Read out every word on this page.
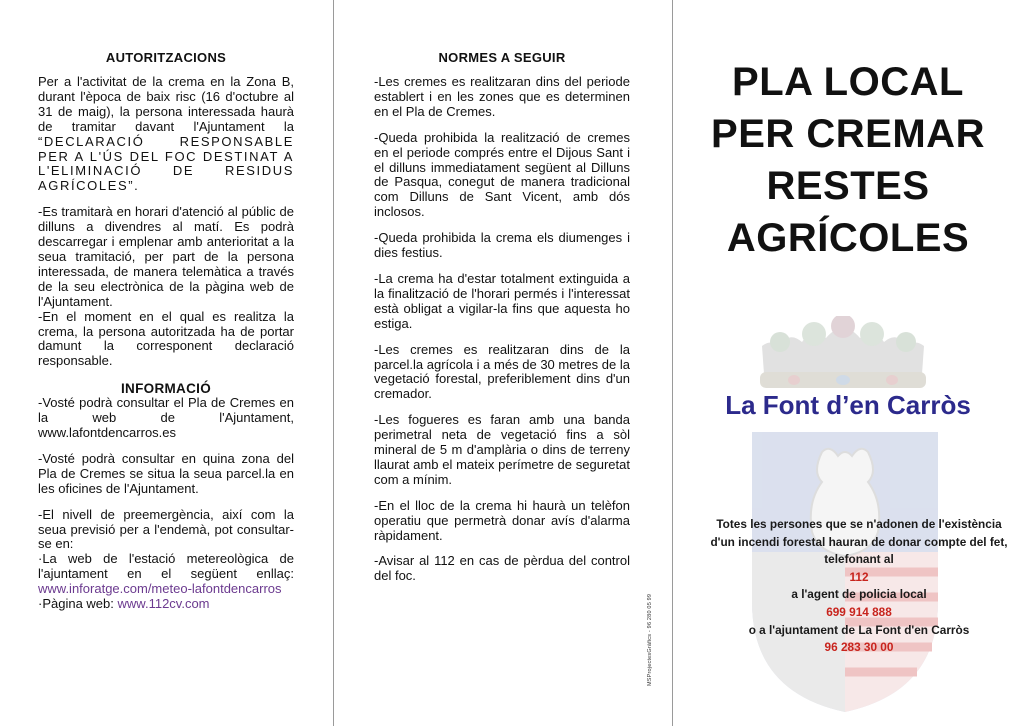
AUTORITZACIONS

Per a l'activitat de la crema en la Zona B, durant l'època de baix risc (16 d'octubre al 31 de maig), la persona interessada haurà de tramitar davant l'Ajuntament la “DECLARACIÓ RESPONSABLE PER A L'ÚS DEL FOC DESTINAT A L'ELIMINACIÓ DE RESIDUS AGRÍCOLES”.

-Es tramitarà en horari d'atenció al públic de dilluns a divendres al matí. Es podrà descarregar i emplenar amb anterioritat a la seua tramitació, per part de la persona interessada, de manera telemàtica a través de la seu electrònica de la pàgina web de l'Ajuntament.

-En el moment en el qual es realitza la crema, la persona autoritzada ha de portar damunt la corresponent declaració responsable.

INFORMACIÓ

-Vosté podrà consultar el Pla de Cremes en la web de l'Ajuntament, www.lafontdencarros.es

-Vosté podrà consultar en quina zona del Pla de Cremes se situa la seua parcel.la en les oficines de l'Ajuntament.

-El nivell de preemergència, així com la seua previsió per a l'endemà, pot consultar-se en:

·La web de l'estació metereològica de l'ajuntament en el següent enllaç: www.inforatge.com/meteo-lafontdencarros

·Pàgina web: www.112cv.com

NORMES A SEGUIR

-Les cremes es realitzaran dins del periode establert i en les zones que es determinen en el Pla de Cremes.

-Queda prohibida la realització de cremes en el periode comprés entre el Dijous Sant i el dilluns immediatament següent al Dilluns de Pasqua, conegut de manera tradicional com Dilluns de Sant Vicent, amb dós inclosos.

-Queda prohibida la crema els diumenges i dies festius.

-La crema ha d'estar totalment extinguida a la finalització de l'horari permés i l'interessat està obligat a vigilar-la fins que aquesta ho estiga.

-Les cremes es realitzaran dins de la parcel.la agrícola i a més de 30 metres de la vegetació forestal, preferiblement dins d'un cremador.

-Les fogueres es faran amb una banda perimetral neta de vegetació fins a sòl mineral de 5 m d'amplària o dins de terreny llaurat amb el mateix perímetre de seguretat com a mínim.

-En el lloc de la crema hi haurà un telèfon operatiu que permetrà donar avís d'alarma ràpidament.

-Avisar al 112 en cas de pèrdua del control del foc.

MSProjectesGràfics - 96 280 05 99
PLA LOCAL
PER CREMAR
RESTES
AGRÍCOLES
La Font d’en Carròs
Totes les persones que se n'adonen de l'existència d'un incendi forestal hauran de donar compte del fet, telefonant al
112
a l'agent de policia local
699 914 888
o a l'ajuntament de La Font d'en Carròs
96 283 30 00
